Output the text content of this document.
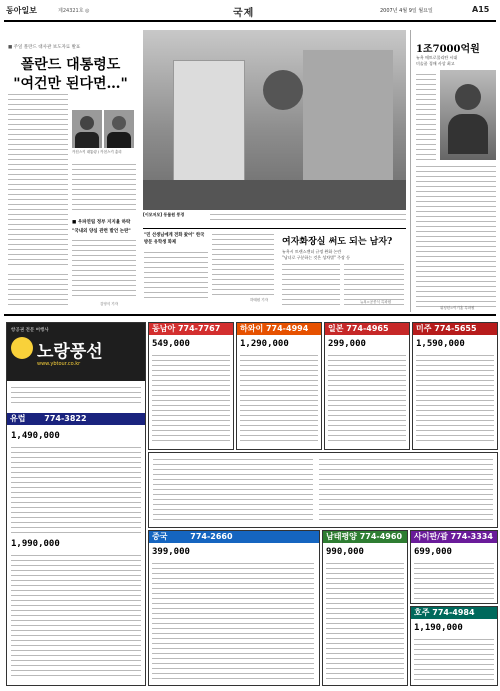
동아일보	제24321호 ◎	국제	2007년 4월 9일 월요일	A15
■ 주일 폴란드 대사관 보도자료 발표
폴란드 대통령도
"여건만 된다면…"
카친스키 대통령 / 카친스키 총리
■ 우파연립 정부 지지율 하락
"국내외 양심 관련 발언 논란"
김영식 기자
[이모저모] 동물원 풍경
"민 선생님에게 전화 왔어" 한국 방문 유학생 화제
하태원 기자
여자화장실 써도 되는 남자?
뉴욕시 트랜스젠더 규정 완화 논란
"남녀로 구분하는 것은 성차별" 주장 등
뉴욕=공종식 특파원
1조7000억원
뉴욕 메트로폴리탄 시대
미술품 경매 사상 최고
워싱턴=이기홍 특파원
항공권 전문 여행사
노랑풍선
www.ybtour.co.kr
유럽 774-3822
1,490,000
1,990,000
동남아 774-7767
549,000
하와이 774-4994
1,290,000
일본 774-4965
299,000
미주 774-5655
1,590,000
중국	774-2660
399,000
남태평양 774-4960
990,000
사이판/괌 774-3334
699,000
호주 774-4984
1,190,000
